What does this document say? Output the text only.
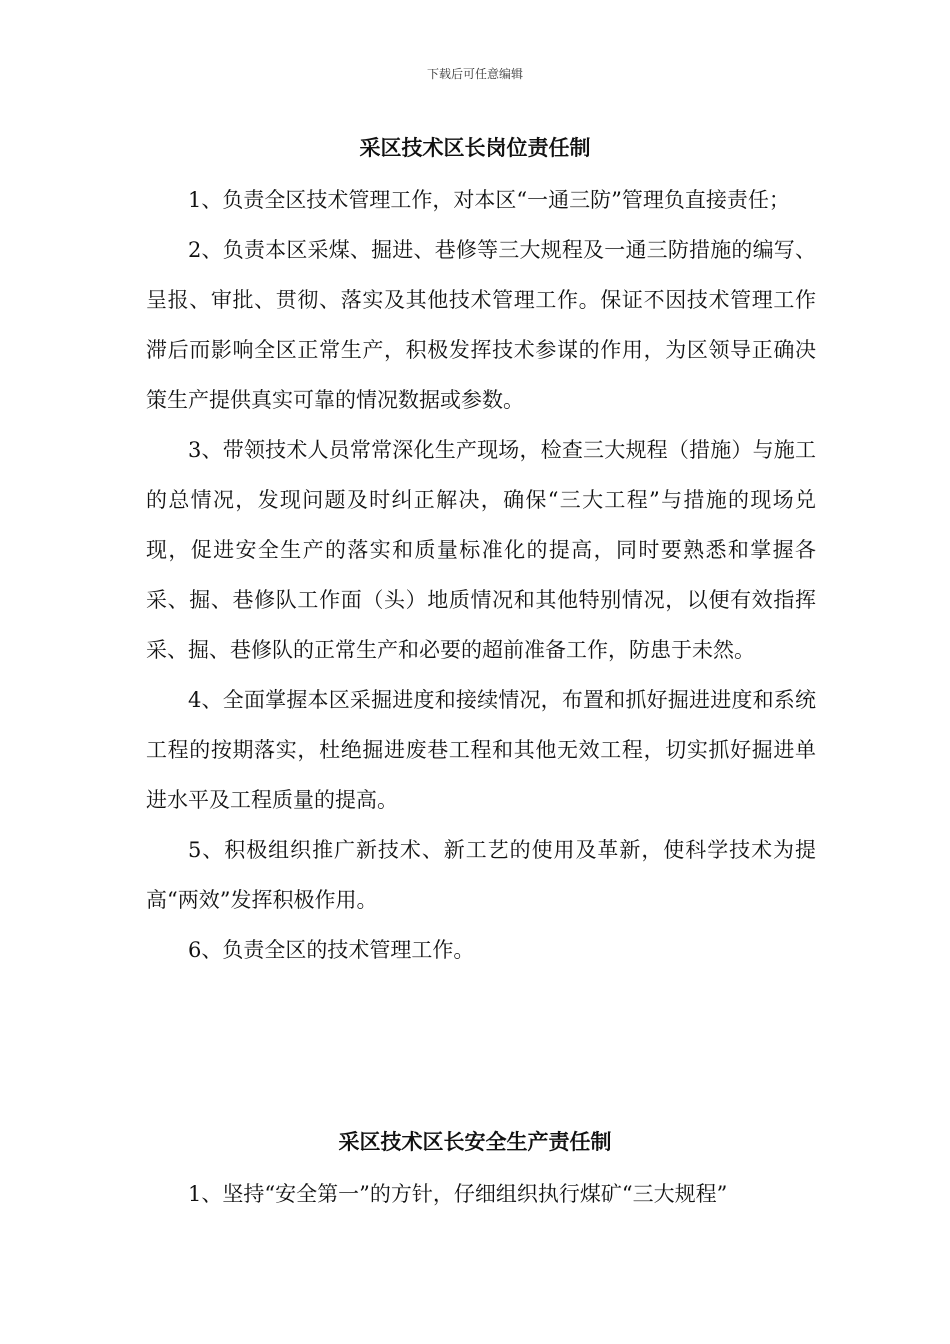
下载后可任意编辑
采区技术区长岗位责任制

1、负责全区技术管理工作，对本区“一通三防”管理负直接责任；

2、负责本区采煤、掘进、巷修等三大规程及一通三防措施的编写、呈报、审批、贯彻、落实及其他技术管理工作。保证不因技术管理工作滞后而影响全区正常生产，积极发挥技术参谋的作用，为区领导正确决策生产提供真实可靠的情况数据或参数。

3、带领技术人员常常深化生产现场，检查三大规程（措施）与施工的总情况，发现问题及时纠正解决，确保“三大工程”与措施的现场兑现，促进安全生产的落实和质量标准化的提高，同时要熟悉和掌握各采、掘、巷修队工作面（头）地质情况和其他特别情况，以便有效指挥采、掘、巷修队的正常生产和必要的超前准备工作，防患于未然。

4、全面掌握本区采掘进度和接续情况，布置和抓好掘进进度和系统工程的按期落实，杜绝掘进废巷工程和其他无效工程，切实抓好掘进单进水平及工程质量的提高。

5、积极组织推广新技术、新工艺的使用及革新，使科学技术为提高“两效”发挥积极作用。

6、负责全区的技术管理工作。

采区技术区长安全生产责任制

1、坚持“安全第一”的方针，仔细组织执行煤矿“三大规程”
